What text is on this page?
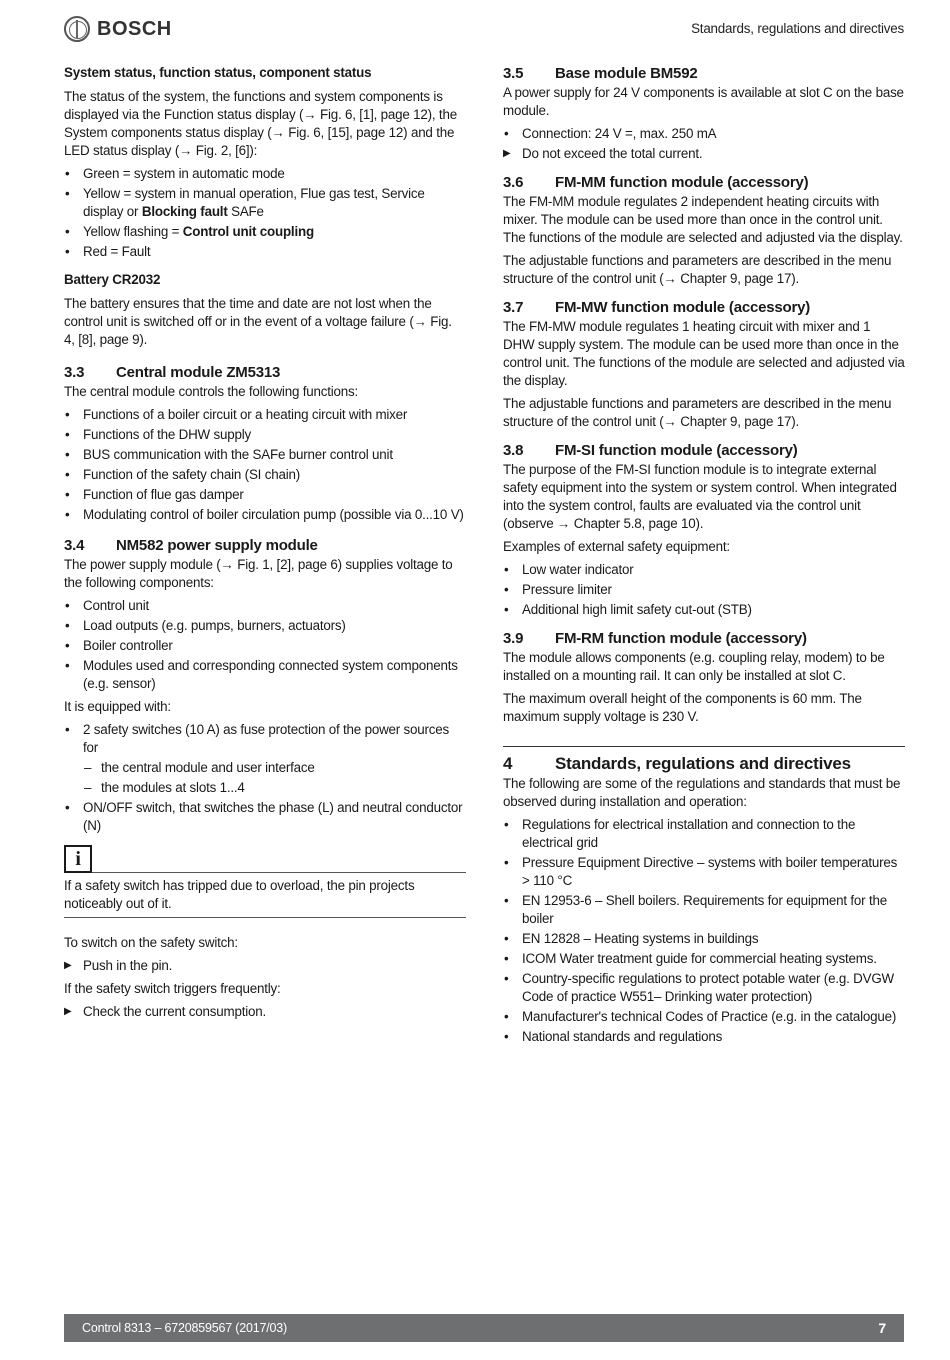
BOSCH	Standards, regulations and directives
System status, function status, component status

The status of the system, the functions and system components is displayed via the Function status display (→ Fig. 6, [1], page 12), the System components status display (→ Fig. 6, [15], page 12) and the LED status display (→ Fig. 2, [6]):

• Green = system in automatic mode
• Yellow = system in manual operation, Flue gas test, Service display or Blocking fault SAFe
• Yellow flashing = Control unit coupling
• Red = Fault
Battery CR2032

The battery ensures that the time and date are not lost when the control unit is switched off or in the event of a voltage failure (→ Fig. 4, [8], page 9).

3.3	Central module ZM5313

The central module controls the following functions:

• Functions of a boiler circuit or a heating circuit with mixer
• Functions of the DHW supply
• BUS communication with the SAFe burner control unit
• Function of the safety chain (SI chain)
• Function of flue gas damper
• Modulating control of boiler circulation pump (possible via 0...10 V)
3.4	NM582 power supply module

The power supply module (→ Fig. 1, [2], page 6) supplies voltage to the following components:

• Control unit
• Load outputs (e.g. pumps, burners, actuators)
• Boiler controller
• Modules used and corresponding connected system components (e.g. sensor)

It is equipped with:

• 2 safety switches (10 A) as fuse protection of the power sources for
– the central module and user interface
– the modules at slots 1...4
• ON/OFF switch, that switches the phase (L) and neutral conductor (N)
i
If a safety switch has tripped due to overload, the pin projects noticeably out of it.

To switch on the safety switch:

▶ Push in the pin.

If the safety switch triggers frequently:

▶ Check the current consumption.
3.5	Base module BM592

A power supply for 24 V components is available at slot C on the base module.

• Connection: 24 V =, max. 250 mA
▶ Do not exceed the total current.
3.6	FM-MM function module (accessory)

The FM-MM module regulates 2 independent heating circuits with mixer. The module can be used more than once in the control unit. The functions of the module are selected and adjusted via the display.

The adjustable functions and parameters are described in the menu structure of the control unit (→ Chapter 9, page 17).

3.7	FM-MW function module (accessory)

The FM-MW module regulates 1 heating circuit with mixer and 1 DHW supply system. The module can be used more than once in the control unit. The functions of the module are selected and adjusted via the display.

The adjustable functions and parameters are described in the menu structure of the control unit (→ Chapter 9, page 17).

3.8	FM-SI function module (accessory)

The purpose of the FM-SI function module is to integrate external safety equipment into the system or system control. When integrated into the system control, faults are evaluated via the control unit (observe → Chapter 5.8, page 10).

Examples of external safety equipment:

• Low water indicator
• Pressure limiter
• Additional high limit safety cut-out (STB)
3.9	FM-RM function module (accessory)

The module allows components (e.g. coupling relay, modem) to be installed on a mounting rail. It can only be installed at slot C.

The maximum overall height of the components is 60 mm. The maximum supply voltage is 230 V.

4	Standards, regulations and directives

The following are some of the regulations and standards that must be observed during installation and operation:

• Regulations for electrical installation and connection to the electrical grid
• Pressure Equipment Directive – systems with boiler temperatures > 110 °C
• EN 12953-6 – Shell boilers. Requirements for equipment for the boiler
• EN 12828 – Heating systems in buildings
• ICOM Water treatment guide for commercial heating systems.
• Country-specific regulations to protect potable water (e.g. DVGW Code of practice W551– Drinking water protection)
• Manufacturer's technical Codes of Practice (e.g. in the catalogue)
• National standards and regulations
Control 8313 – 6720859567 (2017/03)	7
